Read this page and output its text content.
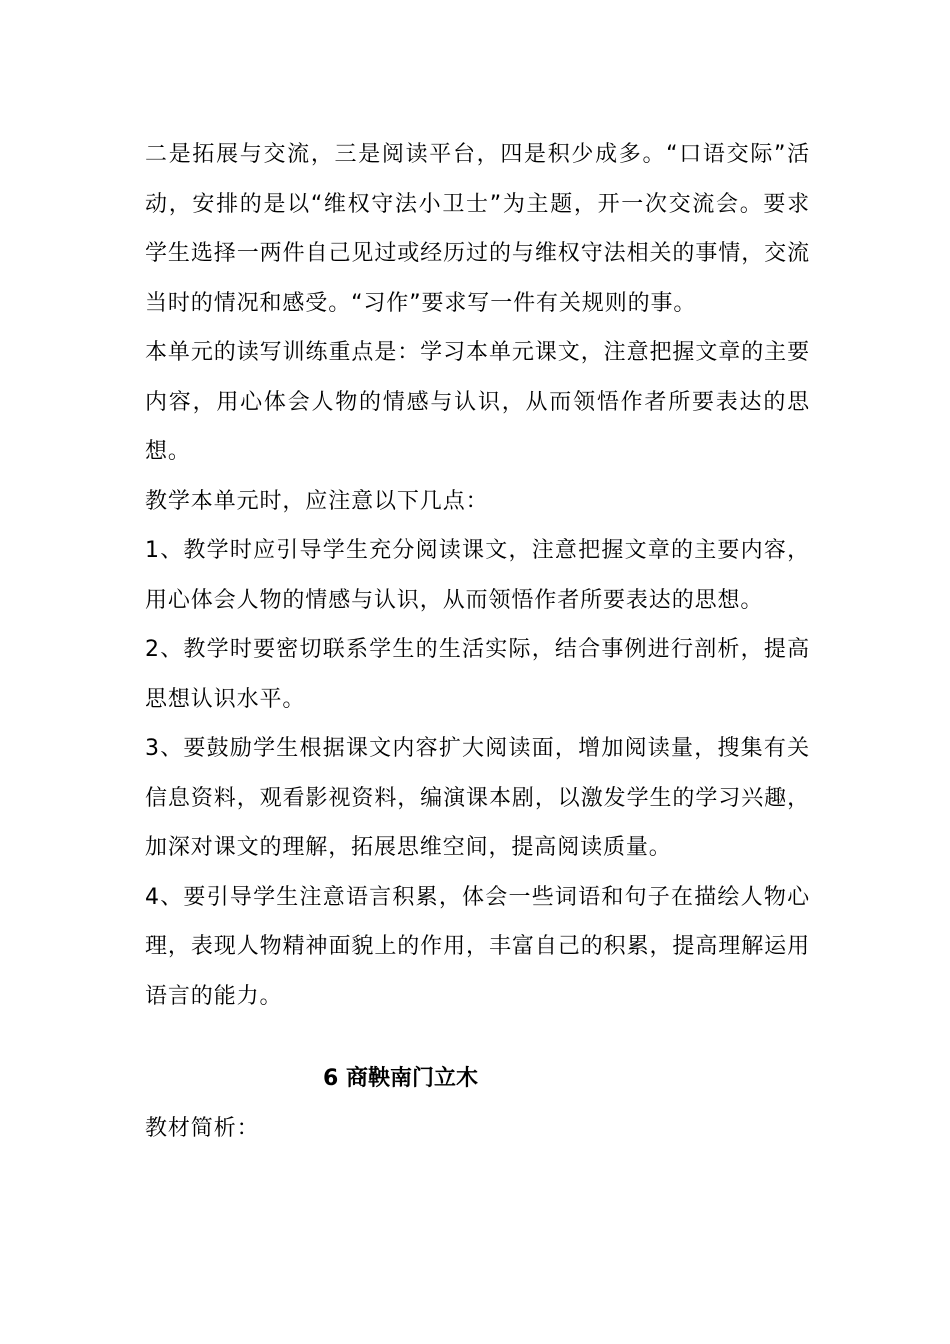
二是拓展与交流，三是阅读平台，四是积少成多。“口语交际”活动，安排的是以“维权守法小卫士”为主题，开一次交流会。要求学生选择一两件自己见过或经历过的与维权守法相关的事情，交流当时的情况和感受。“习作”要求写一件有关规则的事。

本单元的读写训练重点是：学习本单元课文，注意把握文章的主要内容，用心体会人物的情感与认识，从而领悟作者所要表达的思想。

教学本单元时，应注意以下几点：

1、教学时应引导学生充分阅读课文，注意把握文章的主要内容，用心体会人物的情感与认识，从而领悟作者所要表达的思想。

2、教学时要密切联系学生的生活实际，结合事例进行剖析，提高思想认识水平。

3、要鼓励学生根据课文内容扩大阅读面，增加阅读量，搜集有关信息资料，观看影视资料，编演课本剧，以激发学生的学习兴趣，加深对课文的理解，拓展思维空间，提高阅读质量。

4、要引导学生注意语言积累，体会一些词语和句子在描绘人物心理，表现人物精神面貌上的作用，丰富自己的积累，提高理解运用语言的能力。

6 商鞅南门立木

教材简析：
